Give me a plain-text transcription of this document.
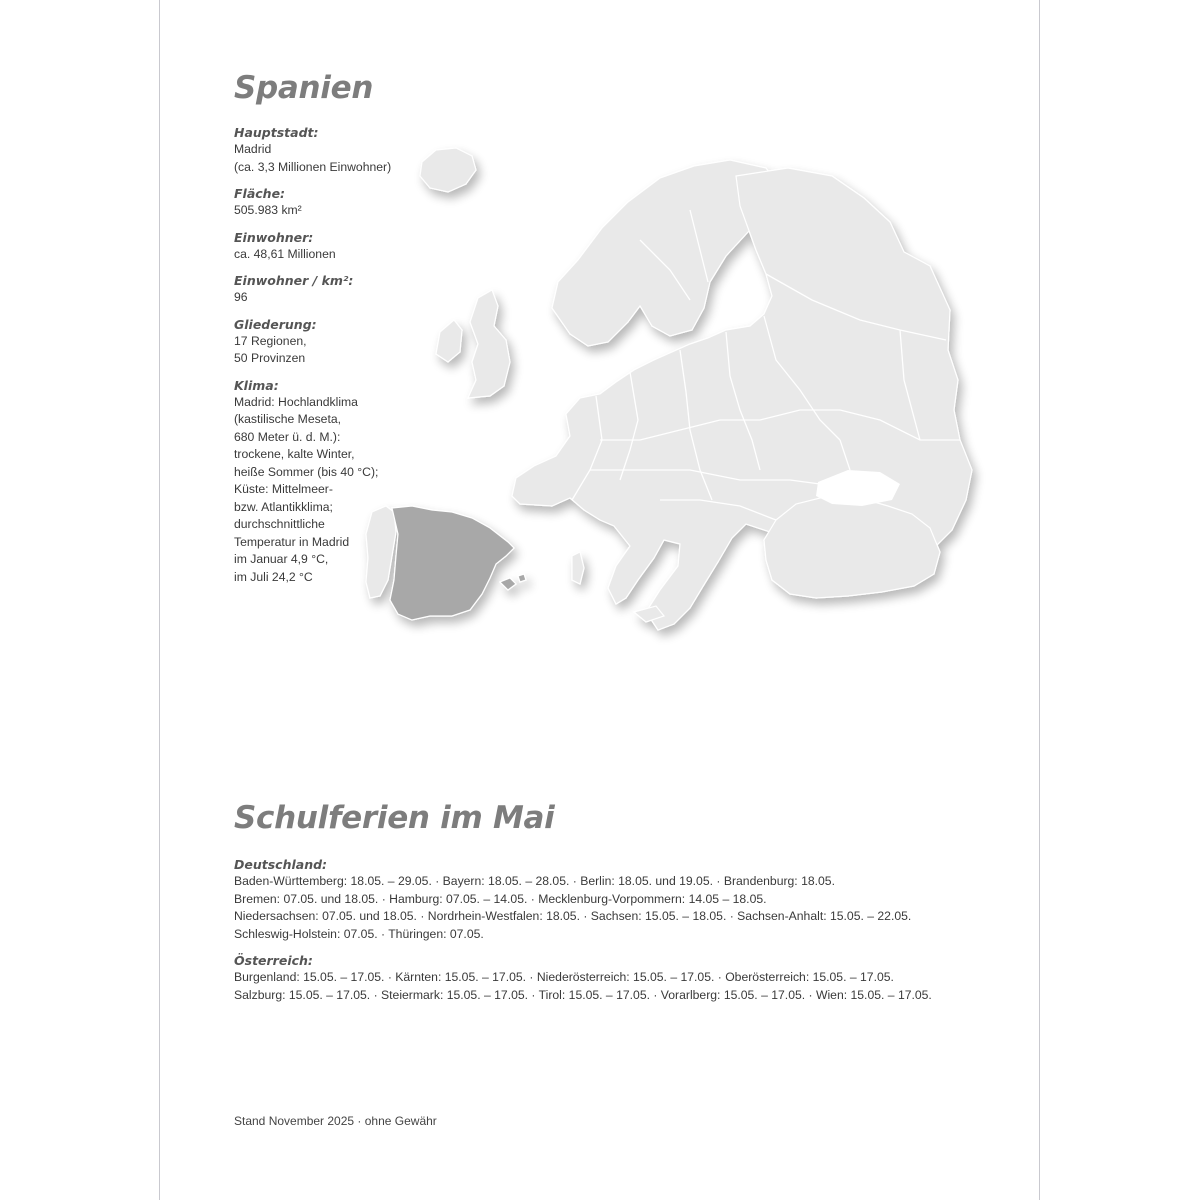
Spanien
Hauptstadt:
Madrid
(ca. 3,3 Millionen Einwohner)
Fläche:
505.983 km²
Einwohner:
ca. 48,61 Millionen
Einwohner / km²:
96
Gliederung:
17 Regionen,
50 Provinzen
Klima:
Madrid: Hochlandklima
(kastilische Meseta,
680 Meter ü. d. M.):
trockene, kalte Winter,
heiße Sommer (bis 40 °C);
Küste: Mittelmeer-
bzw. Atlantikklima;
durchschnittliche
Temperatur in Madrid
im Januar 4,9 °C,
im Juli 24,2 °C
Schulferien im Mai
Deutschland:
Baden-Württemberg: 18.05. – 29.05. · Bayern: 18.05. – 28.05. · Berlin: 18.05. und 19.05. · Brandenburg: 18.05.
Bremen: 07.05. und 18.05. · Hamburg: 07.05. – 14.05. · Mecklenburg-Vorpommern: 14.05 – 18.05.
Niedersachsen: 07.05. und 18.05. · Nordrhein-Westfalen: 18.05. · Sachsen: 15.05. – 18.05. · Sachsen-Anhalt: 15.05. – 22.05.
Schleswig-Holstein: 07.05. · Thüringen: 07.05.
Österreich:
Burgenland: 15.05. – 17.05. · Kärnten: 15.05. – 17.05. · Niederösterreich: 15.05. – 17.05. · Oberösterreich: 15.05. – 17.05.
Salzburg: 15.05. – 17.05. · Steiermark: 15.05. – 17.05. · Tirol: 15.05. – 17.05. · Vorarlberg: 15.05. – 17.05. · Wien: 15.05. – 17.05.
Stand November 2025 · ohne Gewähr
